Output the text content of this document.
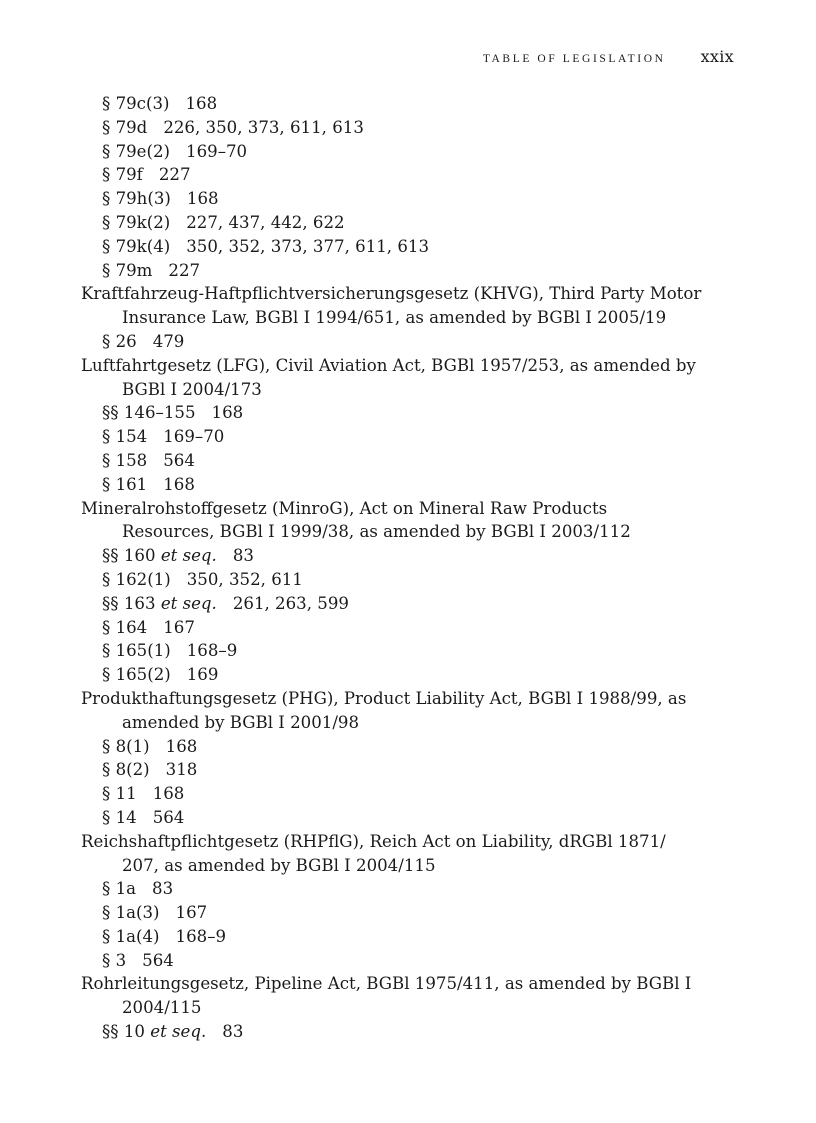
TABLE OF LEGISLATION xxix
§ 79c(3) 168
§ 79d 226, 350, 373, 611, 613
§ 79e(2) 169–70
§ 79f 227
§ 79h(3) 168
§ 79k(2) 227, 437, 442, 622
§ 79k(4) 350, 352, 373, 377, 611, 613
§ 79m 227
Kraftfahrzeug-Haftpflichtversicherungsgesetz (KHVG), Third Party Motor
Insurance Law, BGBl I 1994/651, as amended by BGBl I 2005/19
§ 26 479
Luftfahrtgesetz (LFG), Civil Aviation Act, BGBl 1957/253, as amended by
BGBl I 2004/173
§§ 146–155 168
§ 154 169–70
§ 158 564
§ 161 168
Mineralrohstoffgesetz (MinroG), Act on Mineral Raw Products
Resources, BGBl I 1999/38, as amended by BGBl I 2003/112
§§ 160 et seq. 83
§ 162(1) 350, 352, 611
§§ 163 et seq. 261, 263, 599
§ 164 167
§ 165(1) 168–9
§ 165(2) 169
Produkthaftungsgesetz (PHG), Product Liability Act, BGBl I 1988/99, as
amended by BGBl I 2001/98
§ 8(1) 168
§ 8(2) 318
§ 11 168
§ 14 564
Reichshaftpflichtgesetz (RHPflG), Reich Act on Liability, dRGBl 1871/
207, as amended by BGBl I 2004/115
§ 1a 83
§ 1a(3) 167
§ 1a(4) 168–9
§ 3 564
Rohrleitungsgesetz, Pipeline Act, BGBl 1975/411, as amended by BGBl I
2004/115
§§ 10 et seq. 83
